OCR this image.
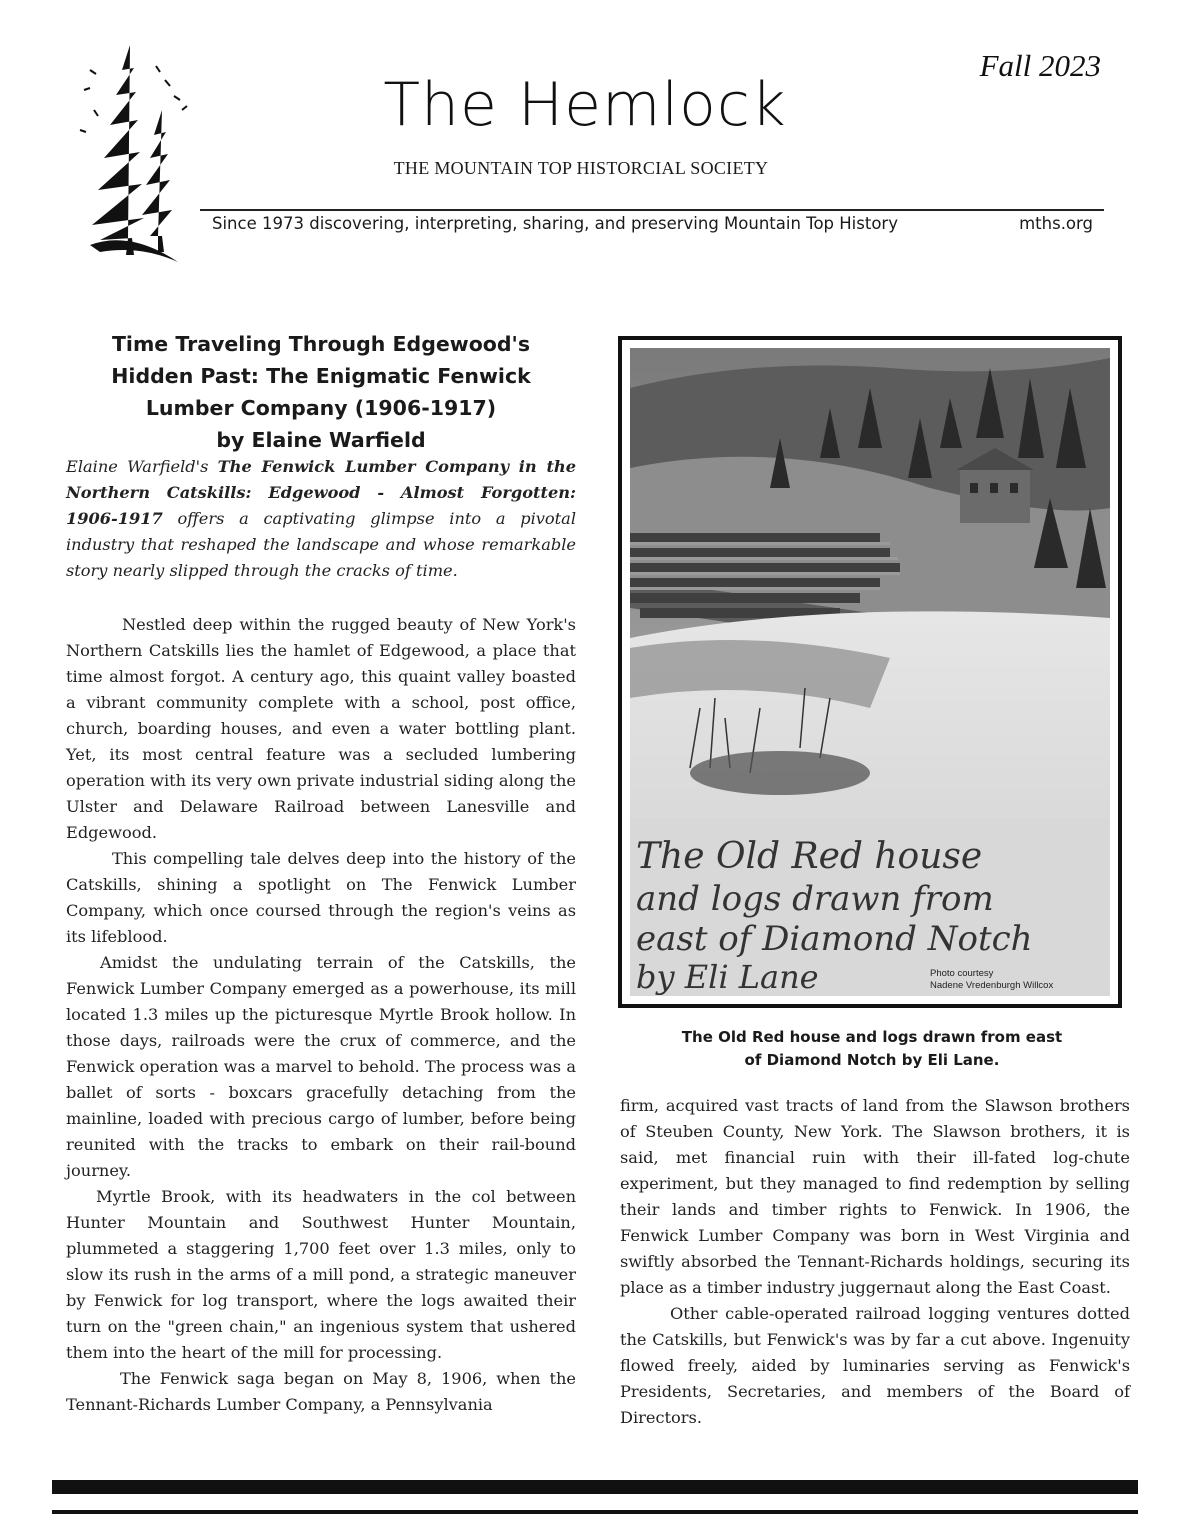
The Hemlock
Fall 2023
THE MOUNTAIN TOP HISTORCIAL SOCIETY
Since 1973 discovering, interpreting, sharing, and preserving Mountain Top History	mths.org
Time Traveling Through Edgewood's
Hidden Past: The Enigmatic Fenwick
Lumber Company (1906-1917)
by Elaine Warfield
Elaine Warfield's The Fenwick Lumber Company in the Northern Catskills: Edgewood - Almost Forgotten: 1906-1917 offers a captivating glimpse into a pivotal industry that reshaped the landscape and whose remarkable story nearly slipped through the cracks of time.

Nestled deep within the rugged beauty of New York's Northern Catskills lies the hamlet of Edgewood, a place that time almost forgot. A century ago, this quaint valley boasted a vibrant community complete with a school, post office, church, boarding houses, and even a water bottling plant. Yet, its most central feature was a secluded lumbering operation with its very own private industrial siding along the Ulster and Delaware Railroad between Lanesville and Edgewood.

This compelling tale delves deep into the history of the Catskills, shining a spotlight on The Fenwick Lumber Company, which once coursed through the region's veins as its lifeblood.

Amidst the undulating terrain of the Catskills, the Fenwick Lumber Company emerged as a powerhouse, its mill located 1.3 miles up the picturesque Myrtle Brook hollow. In those days, railroads were the crux of commerce, and the Fenwick operation was a marvel to behold. The process was a ballet of sorts - boxcars gracefully detaching from the mainline, loaded with precious cargo of lumber, before being reunited with the tracks to embark on their rail-bound journey.

Myrtle Brook, with its headwaters in the col between Hunter Mountain and Southwest Hunter Mountain, plummeted a staggering 1,700 feet over 1.3 miles, only to slow its rush in the arms of a mill pond, a strategic maneuver by Fenwick for log transport, where the logs awaited their turn on the "green chain," an ingenious system that ushered them into the heart of the mill for processing.

The Fenwick saga began on May 8, 1906, when the Tennant-Richards Lumber Company, a Pennsylvania

The Old Red house
and logs drawn from
east of Diamond Notch
by Eli Lane	Photo courtesy
Nadene Vredenburgh Willcox
The Old Red house and logs drawn from east
of Diamond Notch by Eli Lane.

firm, acquired vast tracts of land from the Slawson brothers of Steuben County, New York. The Slawson brothers, it is said, met financial ruin with their ill-fated log-chute experiment, but they managed to find redemption by selling their lands and timber rights to Fenwick. In 1906, the Fenwick Lumber Company was born in West Virginia and swiftly absorbed the Tennant-Richards holdings, securing its place as a timber industry juggernaut along the East Coast.

Other cable-operated railroad logging ventures dotted the Catskills, but Fenwick's was by far a cut above. Ingenuity flowed freely, aided by luminaries serving as Fenwick's Presidents, Secretaries, and members of the Board of Directors.
